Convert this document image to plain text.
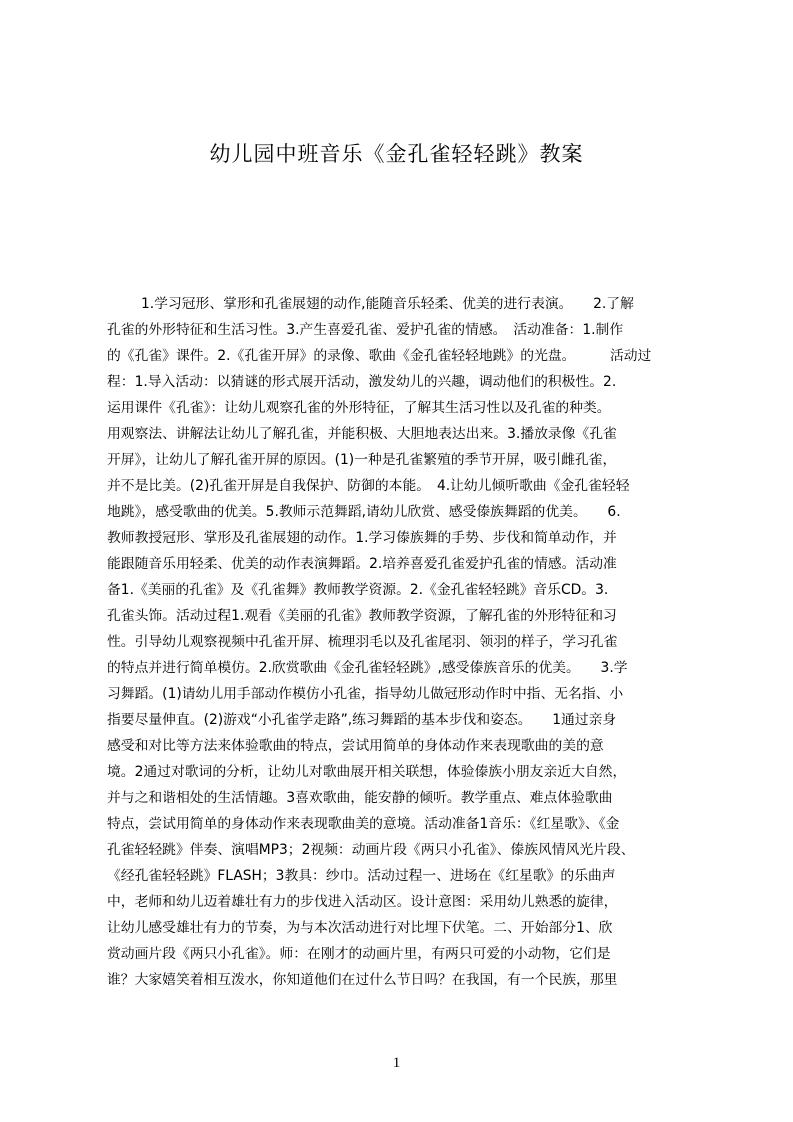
幼儿园中班音乐《金孔雀轻轻跳》教案
1.学习冠形、掌形和孔雀展翅的动作,能随音乐轻柔、优美的进行表演。　　2.了解
孔雀的外形特征和生活习性。3.产生喜爱孔雀、爱护孔雀的情感。　活动准备：1.制作
的《孔雀》课件。2.《孔雀开屏》的录像、歌曲《金孔雀轻轻地跳》的光盘。　　　活动过
程：1.导入活动：以猜谜的形式展开活动，激发幼儿的兴趣，调动他们的积极性。2.
运用课件《孔雀》：让幼儿观察孔雀的外形特征，了解其生活习性以及孔雀的种类。
用观察法、讲解法让幼儿了解孔雀，并能积极、大胆地表达出来。3.播放录像《孔雀
开屏》，让幼儿了解孔雀开屏的原因。(1)一种是孔雀繁殖的季节开屏，吸引雌孔雀，
并不是比美。(2)孔雀开屏是自我保护、防御的本能。　4.让幼儿倾听歌曲《金孔雀轻轻
地跳》，感受歌曲的优美。5.教师示范舞蹈,请幼儿欣赏、感受傣族舞蹈的优美。　　6.
教师教授冠形、掌形及孔雀展翅的动作。1.学习傣族舞的手势、步伐和简单动作，并
能跟随音乐用轻柔、优美的动作表演舞蹈。2.培养喜爱孔雀爱护孔雀的情感。活动准
备1.《美丽的孔雀》及《孔雀舞》教师教学资源。2.《金孔雀轻轻跳》音乐CD。3.
孔雀头饰。活动过程1.观看《美丽的孔雀》教师教学资源，了解孔雀的外形特征和习
性。引导幼儿观察视频中孔雀开屏、梳理羽毛以及孔雀尾羽、领羽的样子，学习孔雀
的特点并进行简单模仿。2.欣赏歌曲《金孔雀轻轻跳》,感受傣族音乐的优美。　　3.学
习舞蹈。(1)请幼儿用手部动作模仿小孔雀，指导幼儿做冠形动作时中指、无名指、小
指要尽量伸直。(2)游戏“小孔雀学走路”,练习舞蹈的基本步伐和姿态。　　1通过亲身
感受和对比等方法来体验歌曲的特点，尝试用简单的身体动作来表现歌曲的美的意
境。2通过对歌词的分析，让幼儿对歌曲展开相关联想，体验傣族小朋友亲近大自然，
并与之和谐相处的生活情趣。3喜欢歌曲，能安静的倾听。教学重点、难点体验歌曲
特点，尝试用简单的身体动作来表现歌曲美的意境。活动准备1音乐：《红星歌》、《金
孔雀轻轻跳》伴奏、演唱MP3；2视频：动画片段《两只小孔雀》、傣族风情风光片段、
《经孔雀轻轻跳》FLASH；3教具：纱巾。活动过程一、进场在《红星歌》的乐曲声
中，老师和幼儿迈着雄壮有力的步伐进入活动区。设计意图：采用幼儿熟悉的旋律，
让幼儿感受雄壮有力的节奏，为与本次活动进行对比埋下伏笔。二、开始部分1、欣
赏动画片段《两只小孔雀》。师：在刚才的动画片里，有两只可爱的小动物，它们是
谁？大家嬉笑着相互泼水，你知道他们在过什么节日吗？在我国，有一个民族，那里
1
